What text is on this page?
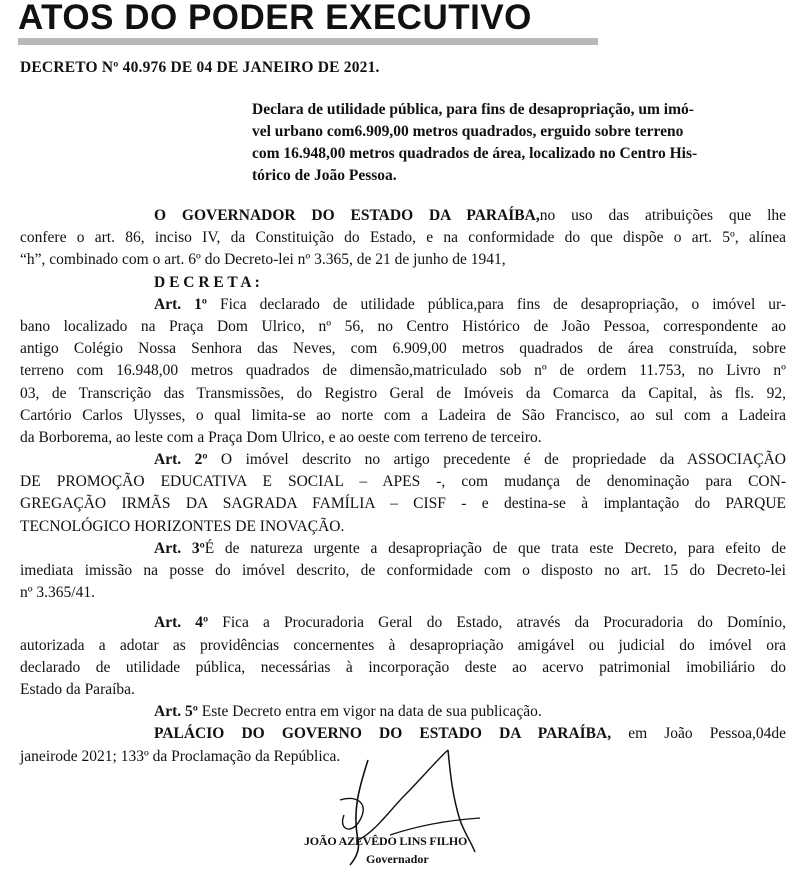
ATOS DO PODER EXECUTIVO
DECRETO Nº 40.976 DE 04 DE JANEIRO DE 2021.
Declara de utilidade pública, para fins de desapropriação, um imó-
vel urbano com6.909,00 metros quadrados, erguido sobre terreno
com 16.948,00 metros quadrados de área, localizado no Centro His-
tórico de João Pessoa.
O GOVERNADOR DO ESTADO DA PARAÍBA,no uso das atribuições que lhe
confere o art. 86, inciso IV, da Constituição do Estado, e na conformidade do que dispõe o art. 5º, alínea
“h”, combinado com o art. 6º do Decreto-lei nº 3.365, de 21 de junho de 1941,
D E C R E T A :
Art. 1º Fica declarado de utilidade pública,para fins de desapropriação, o imóvel ur-
bano localizado na Praça Dom Ulrico, nº 56, no Centro Histórico de João Pessoa, correspondente ao
antigo Colégio Nossa Senhora das Neves, com 6.909,00 metros quadrados de área construída, sobre
terreno com 16.948,00 metros quadrados de dimensão,matriculado sob nº de ordem 11.753, no Livro nº
03, de Transcrição das Transmissões, do Registro Geral de Imóveis da Comarca da Capital, às fls. 92,
Cartório Carlos Ulysses, o qual limita-se ao norte com a Ladeira de São Francisco, ao sul com a Ladeira
da Borborema, ao leste com a Praça Dom Ulrico, e ao oeste com terreno de terceiro.
Art. 2º O imóvel descrito no artigo precedente é de propriedade da ASSOCIAÇÃO
DE PROMOÇÃO EDUCATIVA E SOCIAL – APES -, com mudança de denominação para CON-
GREGAÇÃO IRMÃS DA SAGRADA FAMÍLIA – CISF - e destina-se à implantação do PARQUE
TECNOLÓGICO HORIZONTES DE INOVAÇÃO.
Art. 3ºÉ de natureza urgente a desapropriação de que trata este Decreto, para efeito de
imediata imissão na posse do imóvel descrito, de conformidade com o disposto no art. 15 do Decreto-lei
nº 3.365/41.
Art. 4º Fica a Procuradoria Geral do Estado, através da Procuradoria do Domínio,
autorizada a adotar as providências concernentes à desapropriação amigável ou judicial do imóvel ora
declarado de utilidade pública, necessárias à incorporação deste ao acervo patrimonial imobiliário do
Estado da Paraíba.
Art. 5º Este Decreto entra em vigor na data de sua publicação.
PALÁCIO DO GOVERNO DO ESTADO DA PARAÍBA, em João Pessoa,04de
janeirode 2021; 133º da Proclamação da República.
JOÃO AZEVÊDO LINS FILHO
Governador
